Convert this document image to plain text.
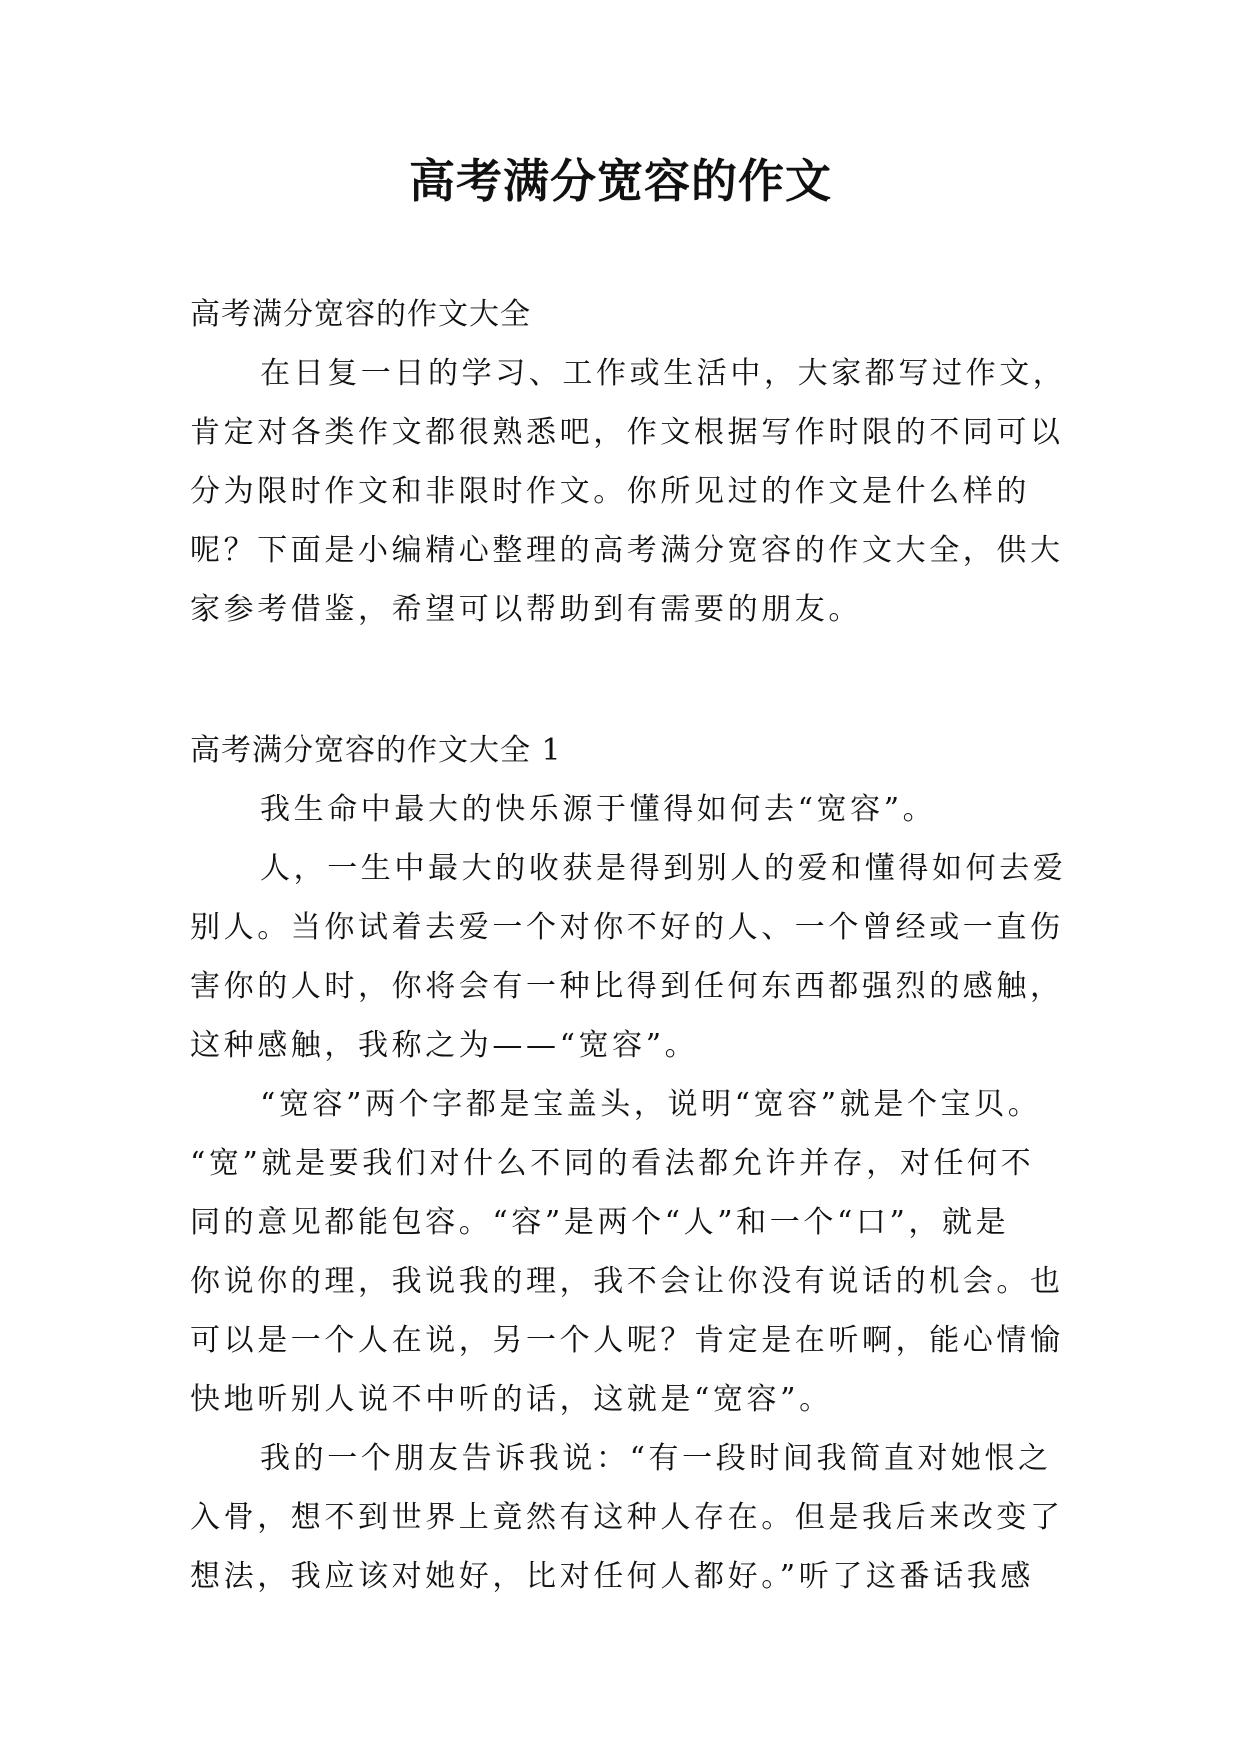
高考满分宽容的作文
高考满分宽容的作文大全
在日复一日的学习、工作或生活中，大家都写过作文，
肯定对各类作文都很熟悉吧，作文根据写作时限的不同可以
分为限时作文和非限时作文。你所见过的作文是什么样的
呢？下面是小编精心整理的高考满分宽容的作文大全，供大
家参考借鉴，希望可以帮助到有需要的朋友。
高考满分宽容的作文大全 1
我生命中最大的快乐源于懂得如何去“宽容”。
人，一生中最大的收获是得到别人的爱和懂得如何去爱
别人。当你试着去爱一个对你不好的人、一个曾经或一直伤
害你的人时，你将会有一种比得到任何东西都强烈的感触，
这种感触，我称之为——“宽容”。
“宽容”两个字都是宝盖头，说明“宽容”就是个宝贝。
“宽”就是要我们对什么不同的看法都允许并存，对任何不
同的意见都能包容。“容”是两个“人”和一个“口”，就是
你说你的理，我说我的理，我不会让你没有说话的机会。也
可以是一个人在说，另一个人呢？肯定是在听啊，能心情愉
快地听别人说不中听的话，这就是“宽容”。
我的一个朋友告诉我说：“有一段时间我简直对她恨之
入骨，想不到世界上竟然有这种人存在。但是我后来改变了
想法，我应该对她好，比对任何人都好。”听了这番话我感
